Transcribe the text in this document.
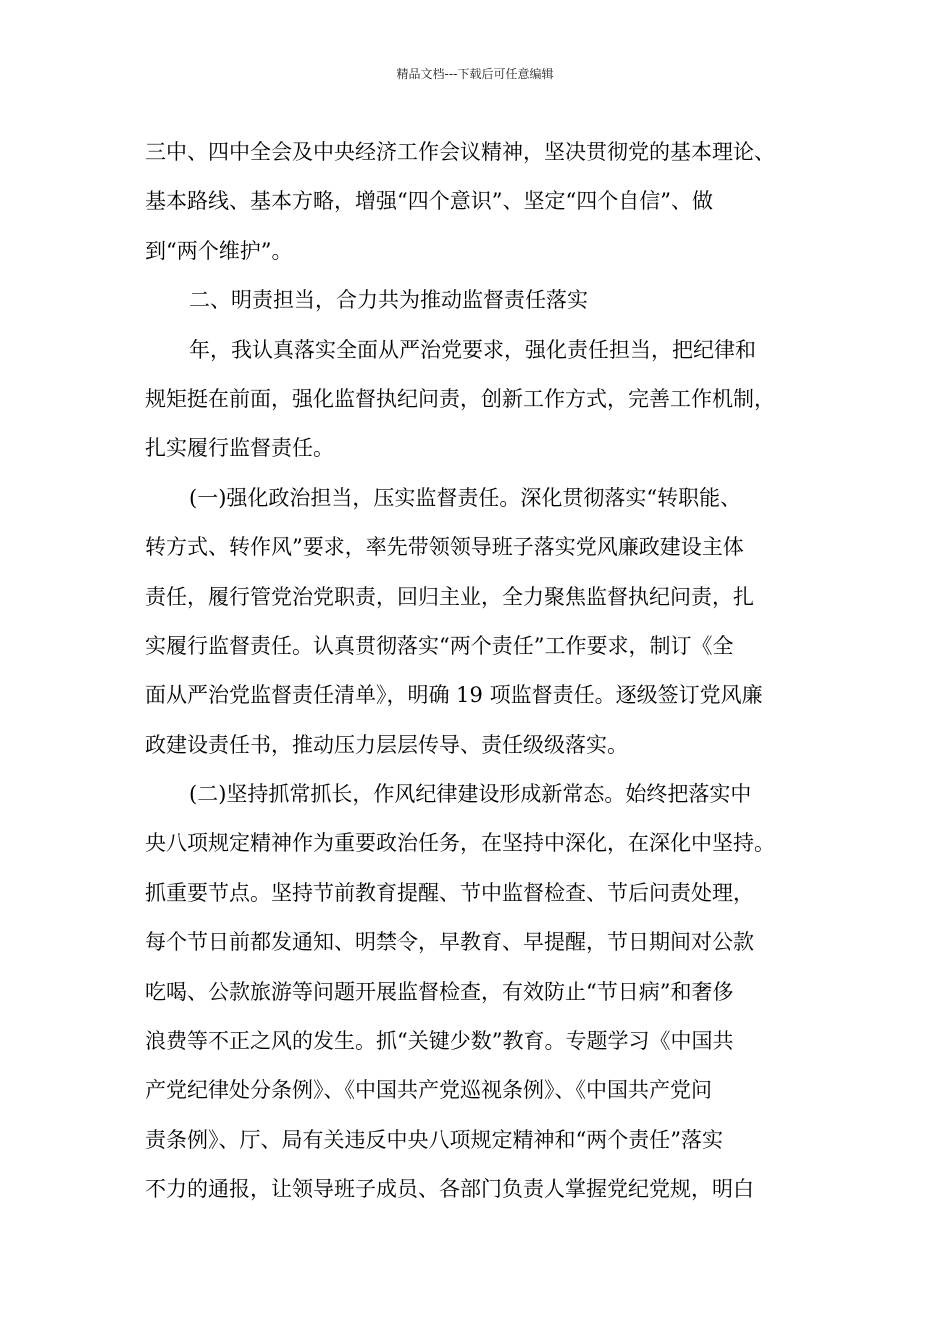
精品文档---下载后可任意编辑
三中、四中全会及中央经济工作会议精神，坚决贯彻党的基本理论、
基本路线、基本方略，增强“四个意识”、坚定“四个自信”、做
到“两个维护”。
二、明责担当，合力共为推动监督责任落实
年，我认真落实全面从严治党要求，强化责任担当，把纪律和
规矩挺在前面，强化监督执纪问责，创新工作方式，完善工作机制，
扎实履行监督责任。
(一)强化政治担当，压实监督责任。深化贯彻落实“转职能、
转方式、转作风”要求，率先带领领导班子落实党风廉政建设主体
责任，履行管党治党职责，回归主业，全力聚焦监督执纪问责，扎
实履行监督责任。认真贯彻落实“两个责任”工作要求，制订《全
面从严治党监督责任清单》，明确 19 项监督责任。逐级签订党风廉
政建设责任书，推动压力层层传导、责任级级落实。
(二)坚持抓常抓长，作风纪律建设形成新常态。始终把落实中
央八项规定精神作为重要政治任务，在坚持中深化，在深化中坚持。
抓重要节点。坚持节前教育提醒、节中监督检查、节后问责处理，
每个节日前都发通知、明禁令，早教育、早提醒，节日期间对公款
吃喝、公款旅游等问题开展监督检查，有效防止“节日病”和奢侈
浪费等不正之风的发生。抓“关键少数”教育。专题学习《中国共
产党纪律处分条例》、《中国共产党巡视条例》、《中国共产党问
责条例》、厅、局有关违反中央八项规定精神和“两个责任”落实
不力的通报，让领导班子成员、各部门负责人掌握党纪党规，明白
